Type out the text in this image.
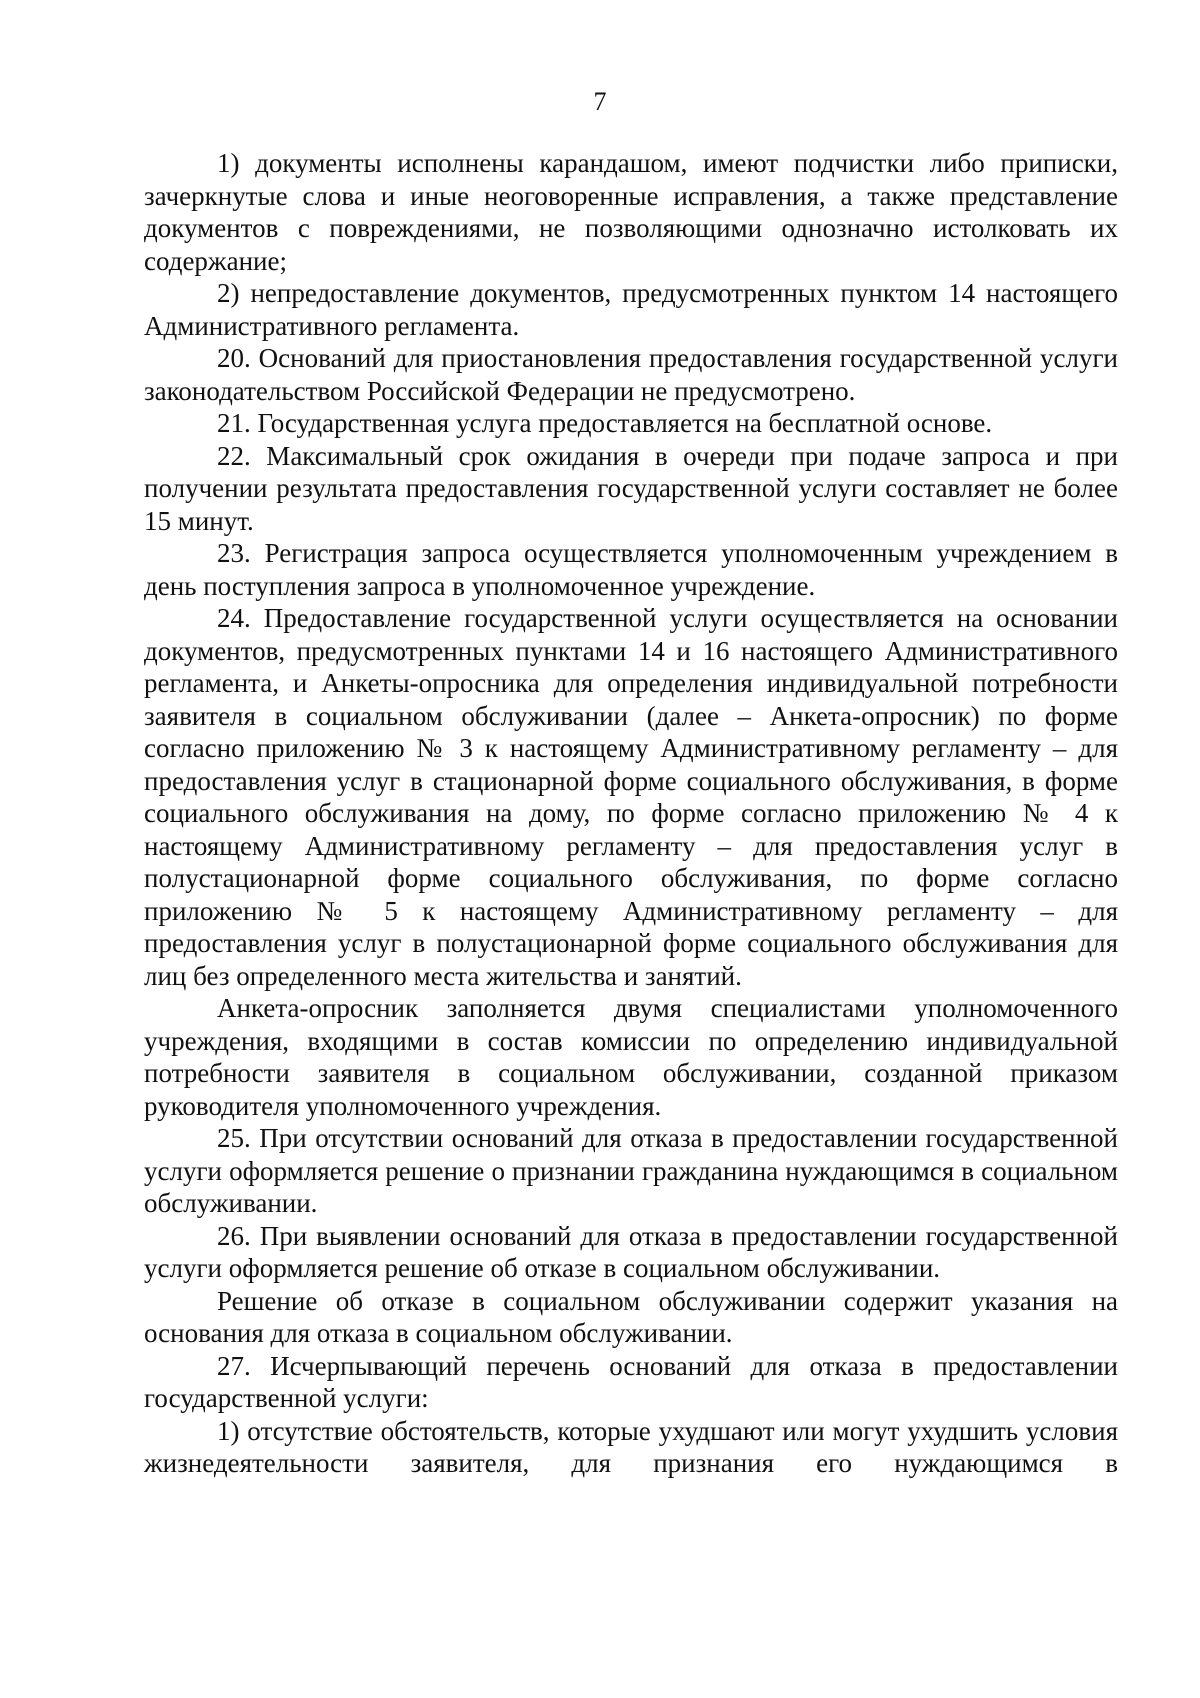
7

1) документы исполнены карандашом, имеют подчистки либо приписки, зачеркнутые слова и иные неоговоренные исправления, а также представление документов с повреждениями, не позволяющими однозначно истолковать их содержание;

2) непредоставление документов, предусмотренных пунктом 14 настоящего Административного регламента.

20. Оснований для приостановления предоставления государственной услуги законодательством Российской Федерации не предусмотрено.

21. Государственная услуга предоставляется на бесплатной основе.

22. Максимальный срок ожидания в очереди при подаче запроса и при получении результата предоставления государственной услуги составляет не более 15 минут.

23. Регистрация запроса осуществляется уполномоченным учреждением в день поступления запроса в уполномоченное учреждение.

24. Предоставление государственной услуги осуществляется на основании документов, предусмотренных пунктами 14 и 16 настоящего Административного регламента, и Анкеты-опросника для определения индивидуальной потребности заявителя в социальном обслуживании (далее – Анкета-опросник) по форме согласно приложению № 3 к настоящему Административному регламенту – для предоставления услуг в стационарной форме социального обслуживания, в форме социального обслуживания на дому, по форме согласно приложению № 4 к настоящему Административному регламенту – для предоставления услуг в полустационарной форме социального обслуживания, по форме согласно приложению № 5 к настоящему Административному регламенту – для предоставления услуг в полустационарной форме социального обслуживания для лиц без определенного места жительства и занятий.

Анкета-опросник заполняется двумя специалистами уполномоченного учреждения, входящими в состав комиссии по определению индивидуальной потребности заявителя в социальном обслуживании, созданной приказом руководителя уполномоченного учреждения.

25. При отсутствии оснований для отказа в предоставлении государственной услуги оформляется решение о признании гражданина нуждающимся в социальном обслуживании.

26. При выявлении оснований для отказа в предоставлении государственной услуги оформляется решение об отказе в социальном обслуживании.

Решение об отказе в социальном обслуживании содержит указания на основания для отказа в социальном обслуживании.

27. Исчерпывающий перечень оснований для отказа в предоставлении государственной услуги:

1) отсутствие обстоятельств, которые ухудшают или могут ухудшить условия жизнедеятельности заявителя, для признания его нуждающимся в
